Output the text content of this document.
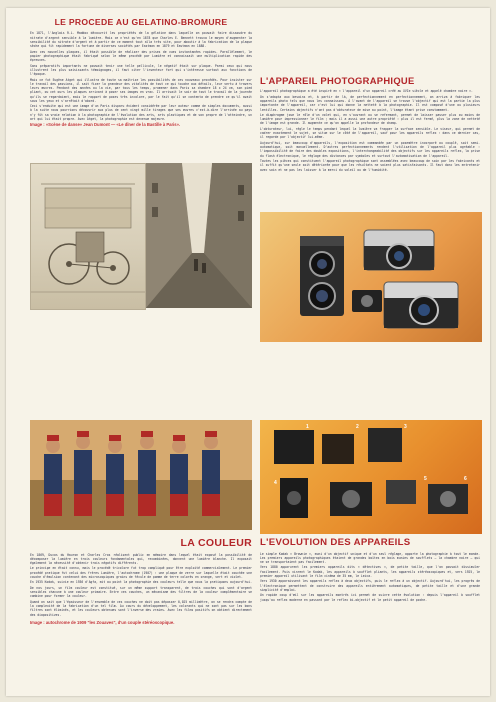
LE PROCEDE AU GELATINO-BROMURE

En 1871, l'Anglais R.L. Maddox découvrit les propriétés de la gélatine dans laquelle on pouvait faire dissoudre du nitrate d'argent sensible à la lumière. Mais ce n'est qu'en 1878 que Charles E. Bennett trouva le moyen d'augmenter la sensibilité du nitrate d'argent et à partir de ce moment tout alla très vite, pour aboutir à la fabrication de la plaque sèche qui fit rapidement la fortune de diverses sociétés par Eastman en 1879 et Eastman en 1888.

Avec ces nouvelles plaques, il était possible de réaliser des prises de vues instantanées rapides. Parallèlement, le papier photographique était fabriqué selon le même procédé par Lumière et connaissait une multiplication rapide des épreuves.

Sans préparatifs importants ne pouvait tenir une telle pellicule, le négatif était sur plaque. Parmi ceux qui nous illustrent les plus saisissants témoignages, il faut citer l'inventeur fort qui s'intéresse surtout aux fonctions de l'époque.

Mais ce fut Eugène Atget qui illustra de toute sa maîtrise les possibilités de ces nouveaux procédés. Pour insister sur le travail des passions, il sait fixer la grandeur des vitalités de tout ce qui touche aux détails, leur vertu à travers leurs œuvres. Pendant des années ou la vie, par tous les temps, promener dans Paris sa chambre 18 x 24 cm, son pied pliant, ou cet ours les plaques arrivant à poser ses images en vrac. Il arrivait le soir de tout le travail de la journée qu'ils se regardaient, mais le rapport de poses très incolore, par le fait qu'il se contenta de prendre ce qu'il avait sous les yeux et s'arrêtait d'abord.

Ceci s'enduite qui est une image d'un Paris disparu évident considérée par leur auteur comme de simples documents, aussi à la suite nous pourrions découvrir aux plus de cent vingt mille tirages que ses œuvres c'est-à-dire l'arrivée au pays n'y fût sa vraie relation à la photographie de l'évolution des arts, arts plastiques et de son propre de l'atteindre, un art qui lui était propre. Avec Atget, la photographie est devenue majeure.

Image : «Scène de danse» Jean Dumont — «Le dîner de la Bastille à Paris».

L'APPAREIL PHOTOGRAPHIQUE

L'appareil photographique a été inspiré en « l'appareil d'un appareil créé au XVIe siècle et appelé chambre noire ».

On s'adapta aux besoins et, à partir de là, de perfectionnement en perfectionnement, on arriva à fabriquer les appareils photo tels que nous les connaissons. À l'avant de l'appareil se trouve l'objectif qui est la partie la plus importante de l'appareil, car c'est lui qui donne la netteté à la photographie. Il est composé d'une ou plusieurs lentilles. Certains objectifs n'ont pas d'obturateur de mise au point, l'image étant prise constamment.

Le diaphragme joue le rôle d'un volet qui, en s'ouvrant ou se refermant, permet de laisser passer plus ou moins de lumière pour impressionner le film ; mais il a aussi une autre propriété : plus il est fermé, plus la zone de netteté de l'image est grande. Il augmente ce qu'on appelle la profondeur de champ.

L'obturateur, lui, règle le temps pendant lequel la lumière va frapper la surface sensible. Le viseur, qui permet de cadrer exactement le sujet, se situe sur le côté de l'appareil, sauf pour les appareils reflex : dans ce dernier cas, il regarde par l'objectif lui-même.

Aujourd'hui, sur beaucoup d'appareils, l'exposition est commandée par un posemètre incorporé ou couplé, soit semi-automatique, soit manuellement. D'autres perfectionnements rendent l'utilisation de l'appareil plus agréable : l'impossibilité de faire des doubles expositions, l'interchangeabilité des objectifs sur les appareils reflex, la prise du flash électronique, le réglage des distances par symboles et surtout l'automatisation de l'appareil.

Toutes les pièces qui constituent l'appareil photographique sont assemblées avec beaucoup de soin par les fabricants et il suffit qu'une seule soit détériorée pour que les résultats ne soient plus satisfaisants. Il faut donc les entretenir avec soin et ne pas les laisser à la merci du soleil ou de l'humidité.

1	2	3
4
5	6
LA COULEUR

En 1869, Ducos du Hauron et Charles Cros réalisent public en mémoire dans lequel était exposé la possibilité de décomposer la lumière en trois couleurs fondamentales qui, recombinées, donnent une lumière blanche. Il exposait également la nécessité d'obtenir trois négatifs différents.

Le principe en était connu, mais le procédé tricolore fut trop compliqué pour être exploité commercialement. Le premier procédé pratique fut celui des frères Lumière, l'autochrome (1907) : une plaque de verre sur laquelle était couchée une couche d'émulsion contenant des microscopiques grains de fécule de pomme de terre colorés en orange, vert et violet.

En 1935 Kodak, suivie en 1936 d'Agfa, mit au point la photographie des couleurs telle que nous la pratiquons aujourd'hui.

De nos jours, un film couleur est constitué, sur un même support transparent, de trois couches qui sont d'argent sensibles chacune à une couleur primaire. Entre ces couches, un mécanisme des filtres de la couleur complémentaire se combine pour former la couleur.

Quand on sait que l'épaisseur de l'ensemble de ces couches ne doit pas dépasser 0,025 millimètre, on se rendra compte de la complexité de la fabrication d'un tel film. Au cours du développement, les colorants qui ne sont pas sur les bons filtres sont éliminés, et les couleurs obtenues sont l'inverse des vraies. Avec les films positifs on obtient directement des diapositives.

Image : autochrome de 1909 "les Zouaves", d'un couple stéréoscopique.

L'EVOLUTION DES APPAREILS

Le simple Kodak « Brownie », muni d'un objectif unique et d'un seul réglage, apporte la photographie à tout le monde. Les premiers appareils photographiques étaient de grandes boîtes en bois munies de soufflets — la chambre noire — qui ne se transportaient pas facilement.

Vers 1880 apparurent les premiers appareils dits « détectives », de petite taille, que l'on pouvait dissimuler facilement. Puis vinrent le Kodak, les appareils à soufflet pliants, les appareils stéréoscopiques et, vers 1925, le premier appareil utilisant le film cinéma de 35 mm, le Leica.

Vers 1930 apparaissent les appareils reflex à deux objectifs, puis le reflex à un objectif. Aujourd'hui, les progrès de l'électronique permettent de construire des appareils entièrement automatiques, de petite taille et d'une grande simplicité d'emploi.

Un rapide coup d'œil sur les appareils montrés ici permet de suivre cette évolution : depuis l'appareil à soufflet jusqu'au reflex moderne en passant par le reflex bi-objectif et le petit appareil de poche.
